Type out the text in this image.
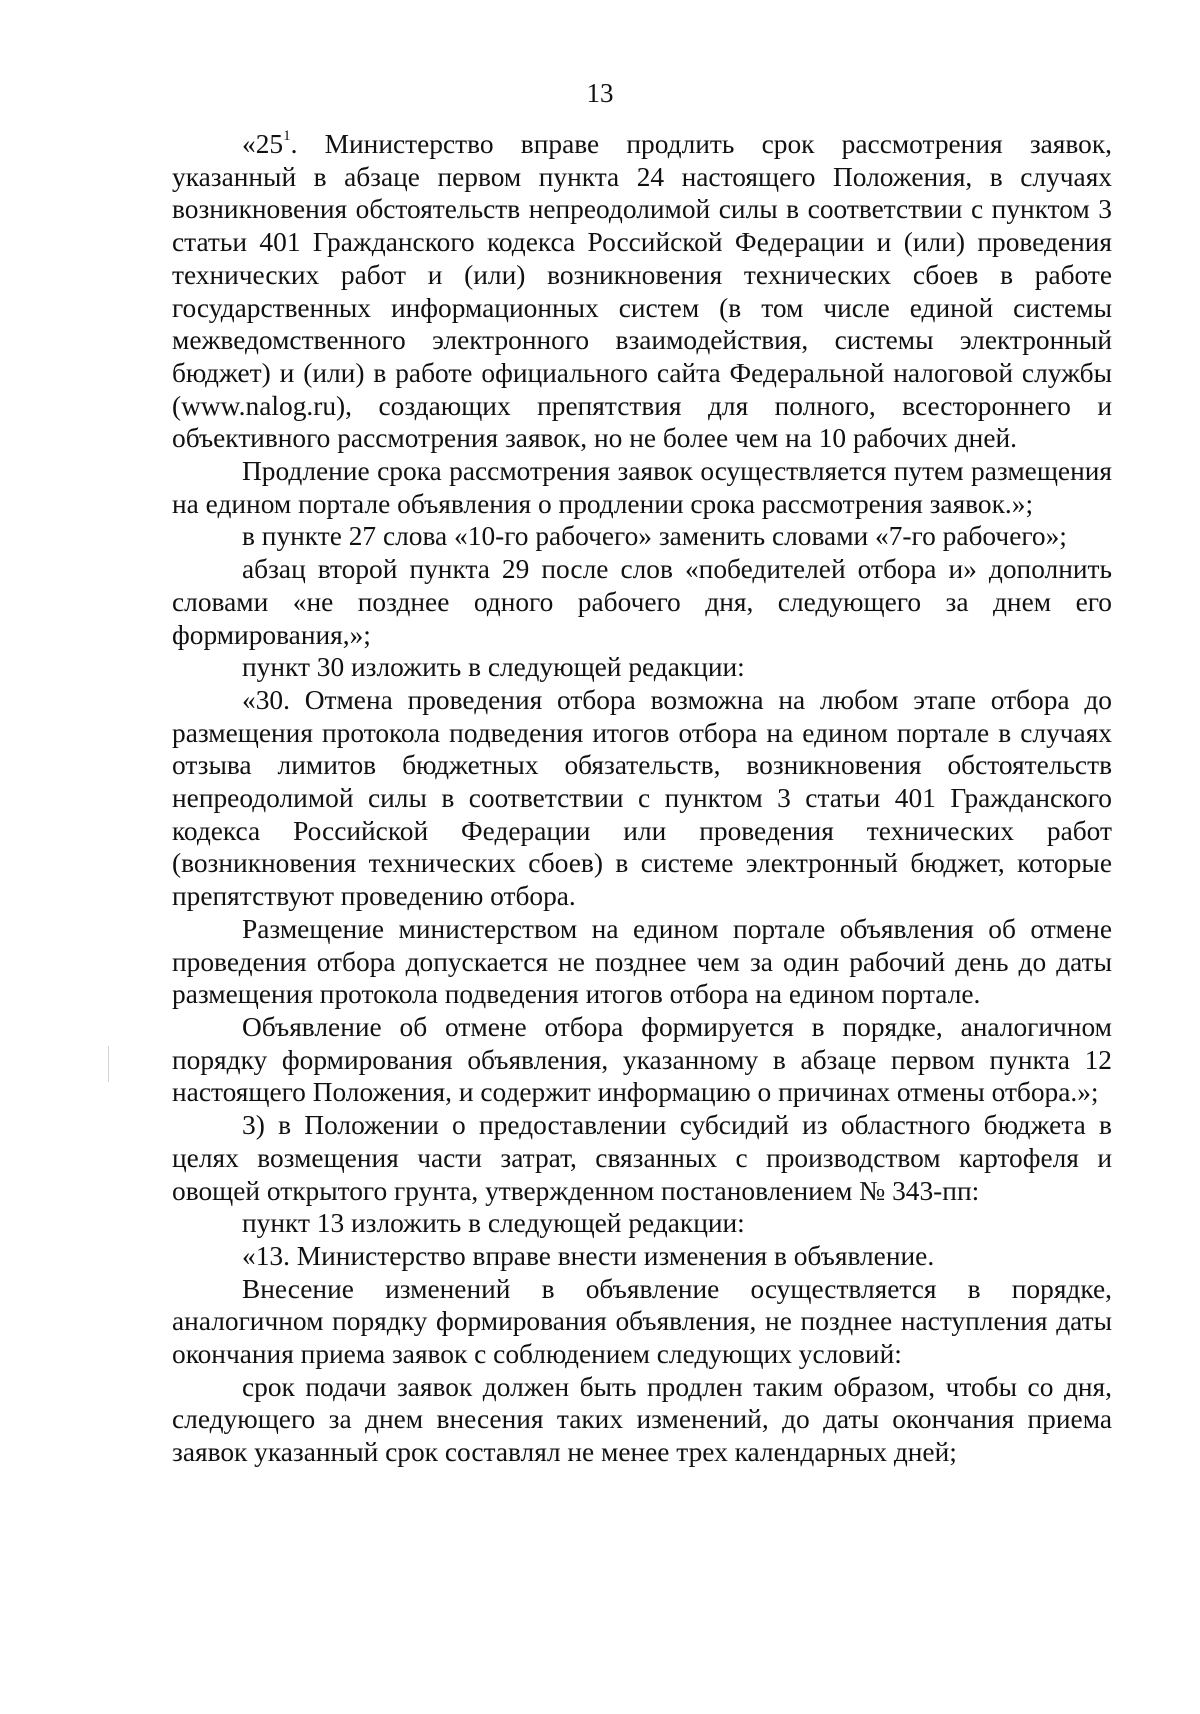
13

«$25^1$. Министерство вправе продлить срок рассмотрения заявок, указанный в абзаце первом пункта 24 настоящего Положения, в случаях возникновения обстоятельств непреодолимой силы в соответствии с пунктом 3 статьи 401 Гражданского кодекса Российской Федерации и (или) проведения технических работ и (или) возникновения технических сбоев в работе государственных информационных систем (в том числе единой системы межведомственного электронного взаимодействия, системы электронный бюджет) и (или) в работе официального сайта Федеральной налоговой службы (www.nalog.ru), создающих препятствия для полного, всестороннего и объективного рассмотрения заявок, но не более чем на 10 рабочих дней.

Продление срока рассмотрения заявок осуществляется путем размещения на едином портале объявления о продлении срока рассмотрения заявок.»;

в пункте 27 слова «10-го рабочего» заменить словами «7-го рабочего»;

абзац второй пункта 29 после слов «победителей отбора и» дополнить словами «не позднее одного рабочего дня, следующего за днем его формирования,»;

пункт 30 изложить в следующей редакции:

«30. Отмена проведения отбора возможна на любом этапе отбора до размещения протокола подведения итогов отбора на едином портале в случаях отзыва лимитов бюджетных обязательств, возникновения обстоятельств непреодолимой силы в соответствии с пунктом 3 статьи 401 Гражданского кодекса Российской Федерации или проведения технических работ (возникновения технических сбоев) в системе электронный бюджет, которые препятствуют проведению отбора.

Размещение министерством на едином портале объявления об отмене проведения отбора допускается не позднее чем за один рабочий день до даты размещения протокола подведения итогов отбора на едином портале.

Объявление об отмене отбора формируется в порядке, аналогичном порядку формирования объявления, указанному в абзаце первом пункта 12 настоящего Положения, и содержит информацию о причинах отмены отбора.»;

3) в Положении о предоставлении субсидий из областного бюджета в целях возмещения части затрат, связанных с производством картофеля и овощей открытого грунта, утвержденном постановлением № 343-пп:

пункт 13 изложить в следующей редакции:

«13. Министерство вправе внести изменения в объявление.

Внесение изменений в объявление осуществляется в порядке, аналогичном порядку формирования объявления, не позднее наступления даты окончания приема заявок с соблюдением следующих условий:

срок подачи заявок должен быть продлен таким образом, чтобы со дня, следующего за днем внесения таких изменений, до даты окончания приема заявок указанный срок составлял не менее трех календарных дней;
